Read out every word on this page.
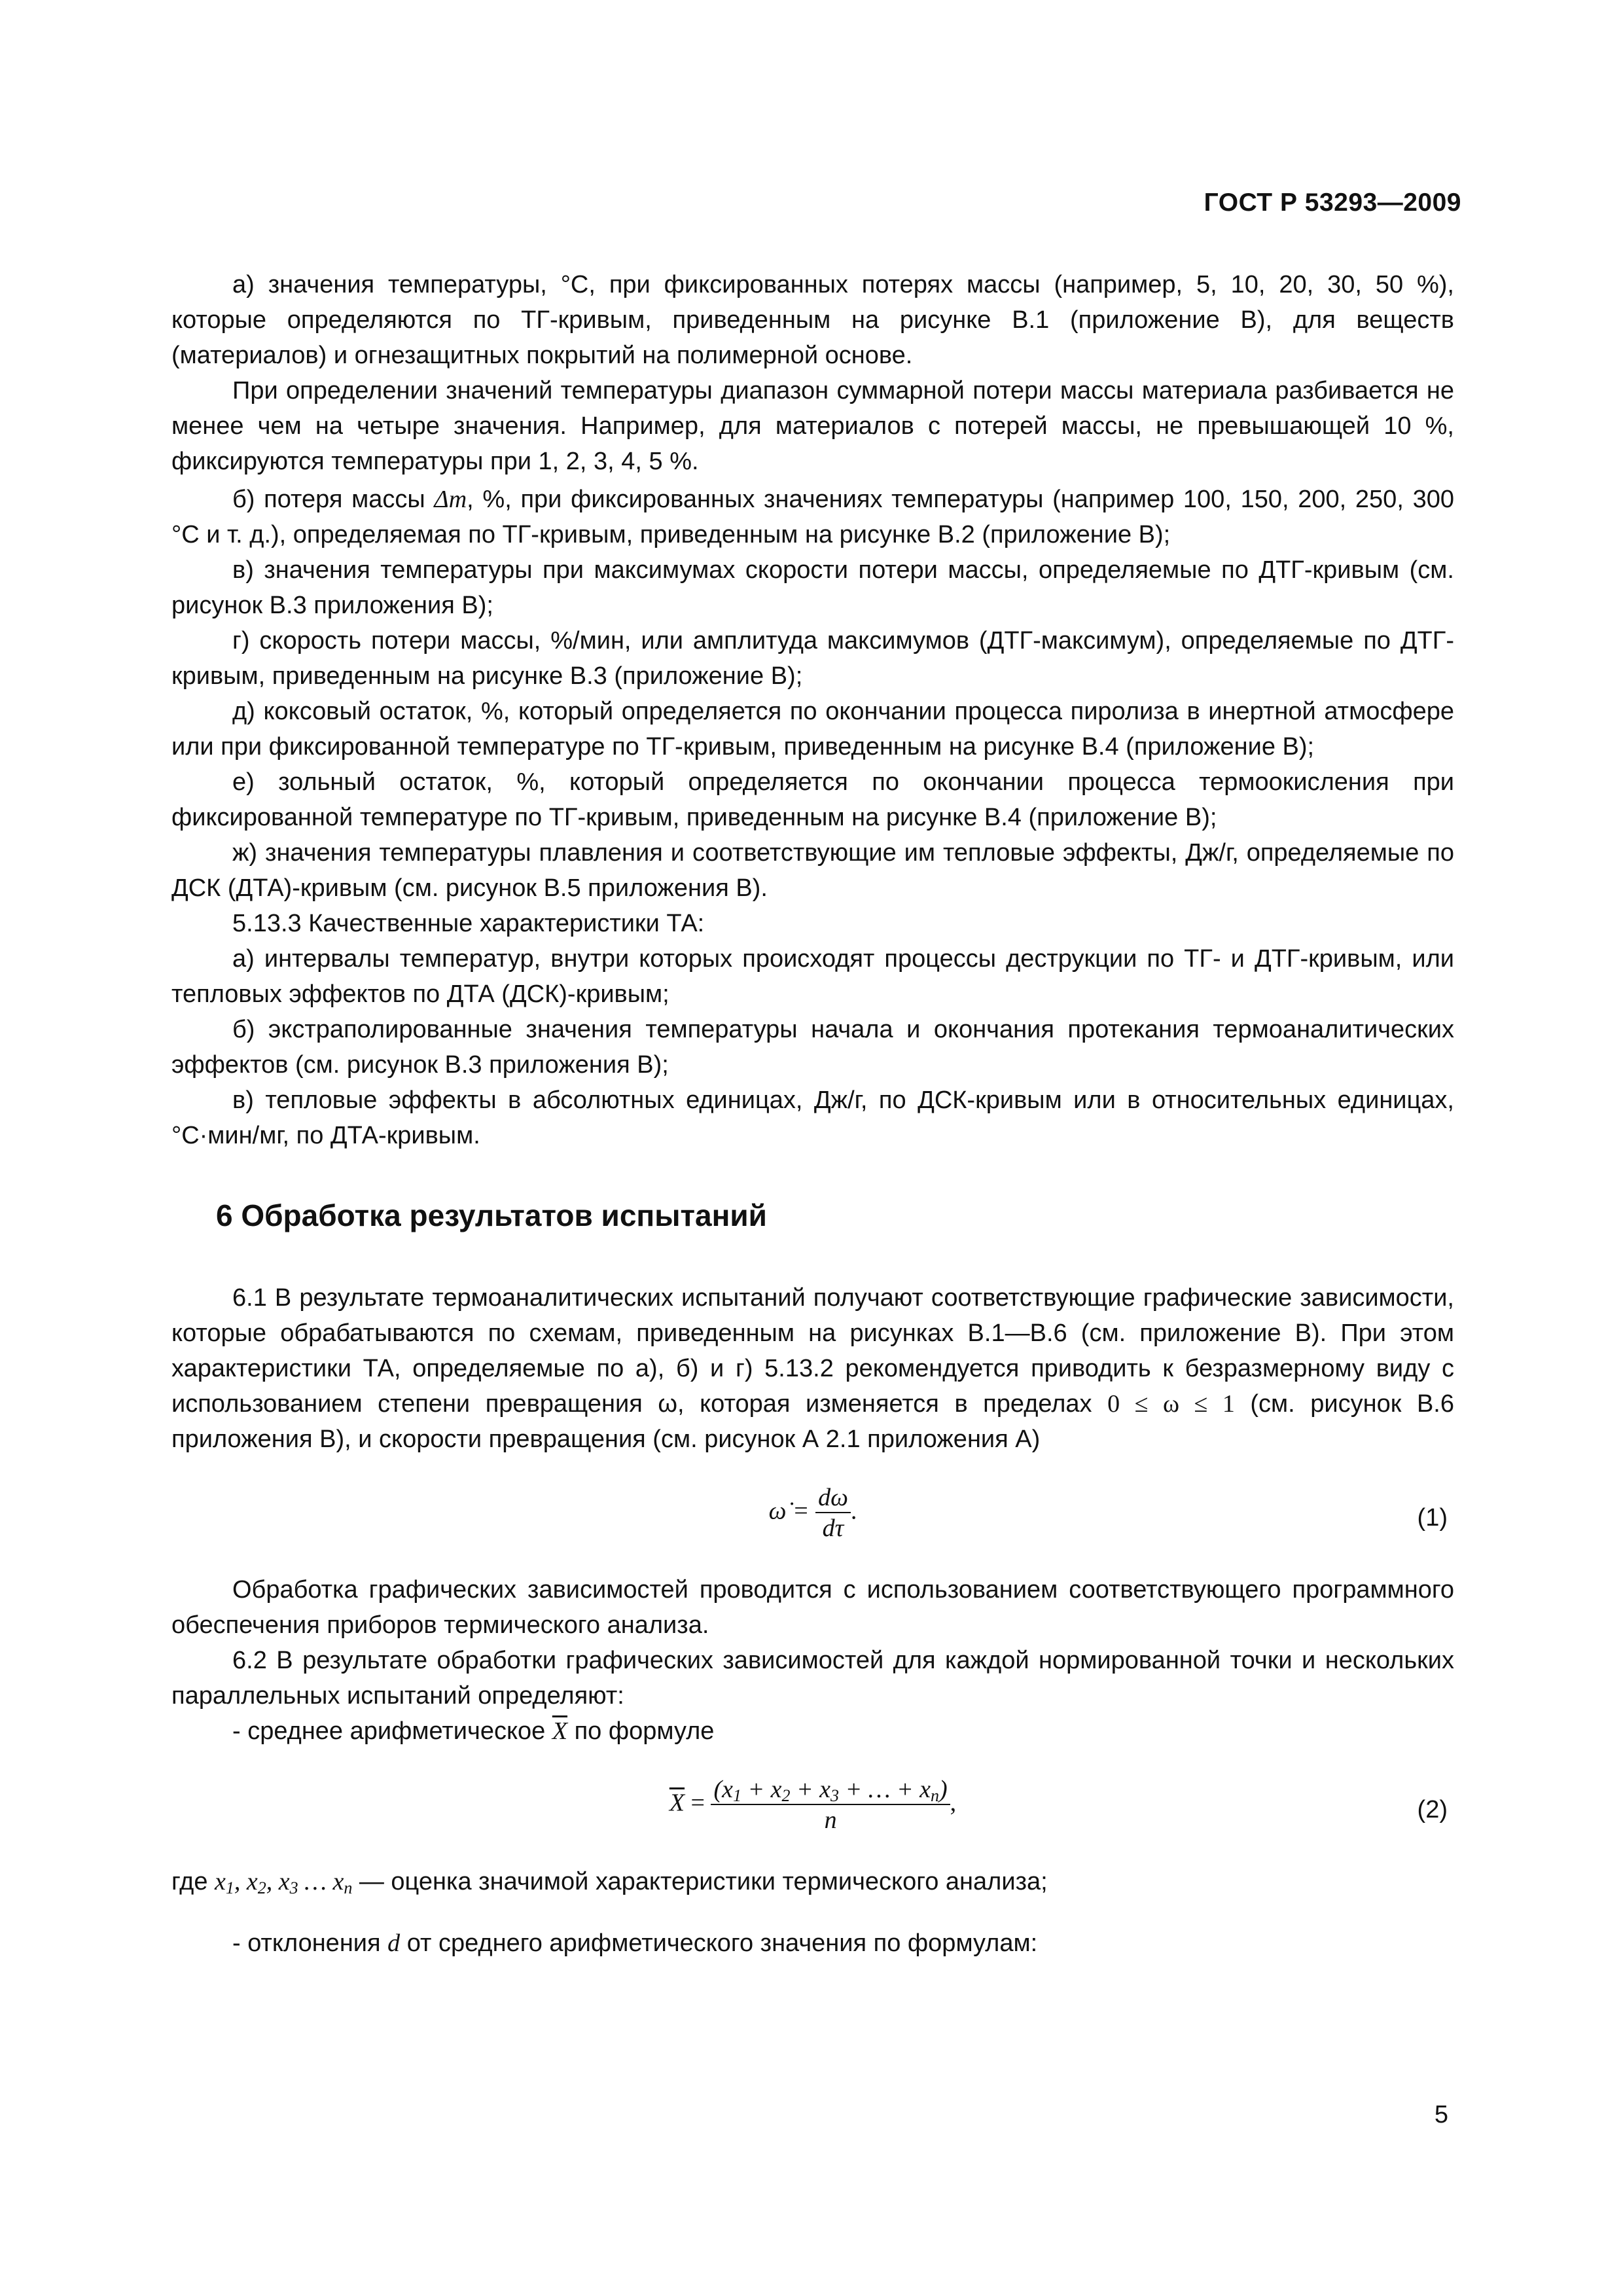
ГОСТ Р 53293—2009

а) значения температуры, °С, при фиксированных потерях массы (например, 5, 10, 20, 30, 50 %), которые определяются по ТГ-кривым, приведенным на рисунке В.1 (приложение В), для веществ (материалов) и огнезащитных покрытий на полимерной основе.

При определении значений температуры диапазон суммарной потери массы материала разбивается не менее чем на четыре значения. Например, для материалов с потерей массы, не превышающей 10 %, фиксируются температуры при 1, 2, 3, 4, 5 %.

б) потеря массы Δm, %, при фиксированных значениях температуры (например 100, 150, 200, 250, 300 °С и т. д.), определяемая по ТГ-кривым, приведенным на рисунке В.2 (приложение В);

в) значения температуры при максимумах скорости потери массы, определяемые по ДТГ-кривым (см. рисунок В.3 приложения В);

г) скорость потери массы, %/мин, или амплитуда максимумов (ДТГ-максимум), определяемые по ДТГ-кривым, приведенным на рисунке В.3 (приложение В);

д) коксовый остаток, %, который определяется по окончании процесса пиролиза в инертной атмосфере или при фиксированной температуре по ТГ-кривым, приведенным на рисунке В.4 (приложение В);

е) зольный остаток, %, который определяется по окончании процесса термоокисления при фиксированной температуре по ТГ-кривым, приведенным на рисунке В.4 (приложение В);

ж) значения температуры плавления и соответствующие им тепловые эффекты, Дж/г, определяемые по ДСК (ДТА)-кривым (см. рисунок В.5 приложения В).

5.13.3 Качественные характеристики ТА:

а) интервалы температур, внутри которых происходят процессы деструкции по ТГ- и ДТГ-кривым, или тепловых эффектов по ДТА (ДСК)-кривым;

б) экстраполированные значения температуры начала и окончания протекания термоаналитических эффектов (см. рисунок В.3 приложения В);

в) тепловые эффекты в абсолютных единицах, Дж/г, по ДСК-кривым или в относительных единицах, °С·мин/мг, по ДТА-кривым.

6 Обработка результатов испытаний

6.1 В результате термоаналитических испытаний получают соответствующие графические зависимости, которые обрабатываются по схемам, приведенным на рисунках В.1—В.6 (см. приложение В). При этом характеристики ТА, определяемые по а), б) и г) 5.13.2 рекомендуется приводить к безразмерному виду с использованием степени превращения ω, которая изменяется в пределах 0 ≤ ω ≤ 1 (см. рисунок В.6 приложения В), и скорости превращения (см. рисунок А 2.1 приложения А)

ω̇ = $\frac{d\omega}{d\tau}$ .	(1)

Обработка графических зависимостей проводится с использованием соответствующего программного обеспечения приборов термического анализа.

6.2 В результате обработки графических зависимостей для каждой нормированной точки и нескольких параллельных испытаний определяют:

- среднее арифметическое $\overline{X}$ по формуле

$\overline{X} = \frac{(x_1 + x_2 + x_3 + \dots + x_n)}{n}$ ,	(2)

где $x_1$, $x_2$, $x_3$ … $x_n$ — оценка значимой характеристики термического анализа;

- отклонения d от среднего арифметического значения по формулам:

5
